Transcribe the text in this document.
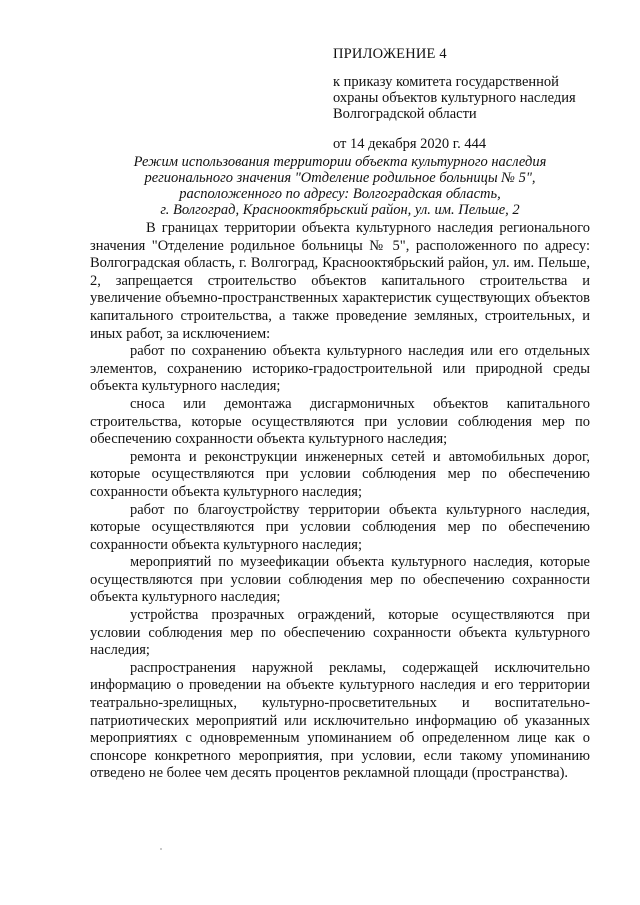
ПРИЛОЖЕНИЕ 4
к приказу комитета государственной
охраны объектов культурного наследия
Волгоградской области
от 14 декабря 2020 г. 444
Режим использования территории объекта культурного наследия
регионального значения "Отделение родильное больницы № 5",
расположенного по адресу: Волгоградская область,
г. Волгоград, Краснооктябрьский район, ул. им. Пельше, 2

В границах территории объекта культурного наследия регионального значения "Отделение родильное больницы № 5", расположенного по адресу: Волгоградская область, г. Волгоград, Краснооктябрьский район, ул. им. Пельше, 2, запрещается строительство объектов капитального строительства и увеличение объемно-пространственных характеристик существующих объектов капитального строительства, а также проведение земляных, строительных, и иных работ, за исключением:

работ по сохранению объекта культурного наследия или его отдельных элементов, сохранению историко-градостроительной или природной среды объекта культурного наследия;

сноса или демонтажа дисгармоничных объектов капитального строительства, которые осуществляются при условии соблюдения мер по обеспечению сохранности объекта культурного наследия;

ремонта и реконструкции инженерных сетей и автомобильных дорог, которые осуществляются при условии соблюдения мер по обеспечению сохранности объекта культурного наследия;

работ по благоустройству территории объекта культурного наследия, которые осуществляются при условии соблюдения мер по обеспечению сохранности объекта культурного наследия;

мероприятий по музеефикации объекта культурного наследия, которые осуществляются при условии соблюдения мер по обеспечению сохранности объекта культурного наследия;

устройства прозрачных ограждений, которые осуществляются при условии соблюдения мер по обеспечению сохранности объекта культурного наследия;

распространения наружной рекламы, содержащей исключительно информацию о проведении на объекте культурного наследия и его территории театрально-зрелищных, культурно-просветительных и воспитательно-патриотических мероприятий или исключительно информацию об указанных мероприятиях с одновременным упоминанием об определенном лице как о спонсоре конкретного мероприятия, при условии, если такому упоминанию отведено не более чем десять процентов рекламной площади (пространства).
